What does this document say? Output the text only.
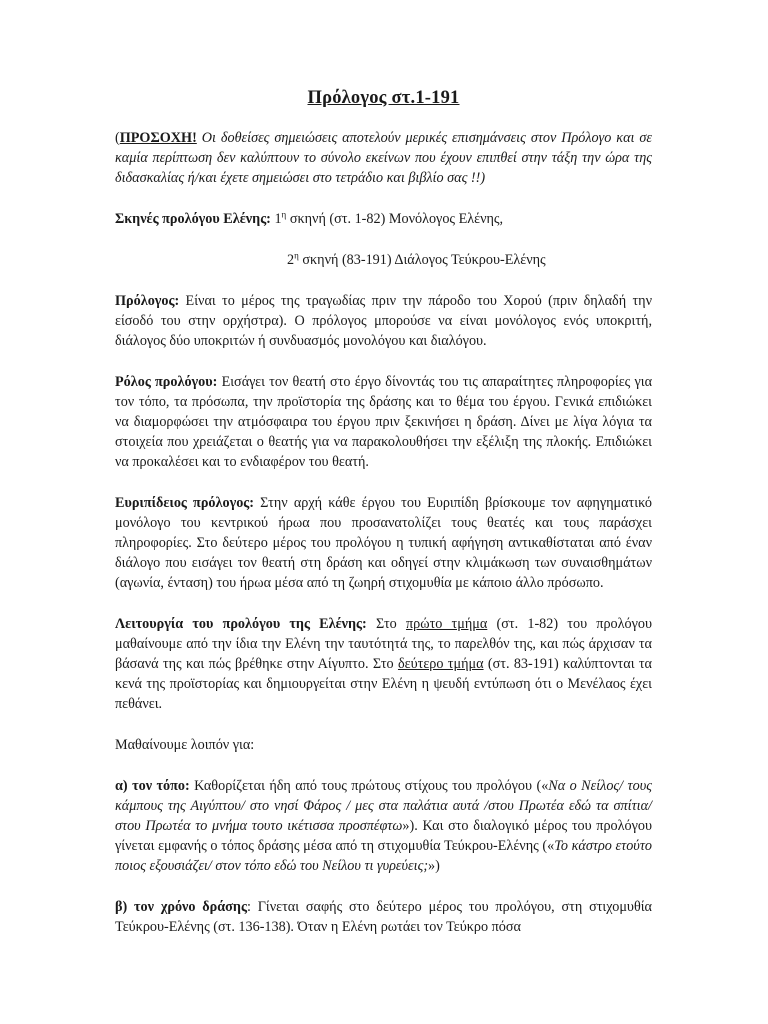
Πρόλογος στ.1-191

(ΠΡΟΣΟΧΗ! Οι δοθείσες σημειώσεις αποτελούν μερικές επισημάνσεις στον Πρόλογο και σε καμία περίπτωση δεν καλύπτουν το σύνολο εκείνων που έχουν επιπθεί στην τάξη την ώρα της διδασκαλίας ή/και έχετε σημειώσει στο τετράδιο και βιβλίο σας !!)

Σκηνές προλόγου Ελένης: $1^\eta$ σκηνή (στ. 1-82) Μονόλογος Ελένης,

$2^\eta$ σκηνή (83-191) Διάλογος Τεύκρου-Ελένης

Πρόλογος: Είναι το μέρος της τραγωδίας πριν την πάροδο του Χορού (πριν δηλαδή την είσοδό του στην ορχήστρα). Ο πρόλογος μπορούσε να είναι μονόλογος ενός υποκριτή, διάλογος δύο υποκριτών ή συνδυασμός μονολόγου και διαλόγου.

Ρόλος προλόγου: Εισάγει τον θεατή στο έργο δίνοντάς του τις απαραίτητες πληροφορίες για τον τόπο, τα πρόσωπα, την προϊστορία της δράσης και το θέμα του έργου. Γενικά επιδιώκει να διαμορφώσει την ατμόσφαιρα του έργου πριν ξεκινήσει η δράση. Δίνει με λίγα λόγια τα στοιχεία που χρειάζεται ο θεατής για να παρακολουθήσει την εξέλιξη της πλοκής. Επιδιώκει να προκαλέσει και το ενδιαφέρον του θεατή.

Ευριπίδειος πρόλογος: Στην αρχή κάθε έργου του Ευριπίδη βρίσκουμε τον αφηγηματικό μονόλογο του κεντρικού ήρωα που προσανατολίζει τους θεατές και τους παράσχει πληροφορίες. Στο δεύτερο μέρος του προλόγου η τυπική αφήγηση αντικαθίσταται από έναν διάλογο που εισάγει τον θεατή στη δράση και οδηγεί στην κλιμάκωση των συναισθημάτων (αγωνία, ένταση) του ήρωα μέσα από τη ζωηρή στιχομυθία με κάποιο άλλο πρόσωπο.

Λειτουργία του προλόγου της Ελένης: Στο πρώτο τμήμα (στ. 1-82) του προλόγου μαθαίνουμε από την ίδια την Ελένη την ταυτότητά της, το παρελθόν της, και πώς άρχισαν τα βάσανά της και πώς βρέθηκε στην Αίγυπτο. Στο δεύτερο τμήμα (στ. 83-191) καλύπτονται τα κενά της προϊστορίας και δημιουργείται στην Ελένη η ψευδή εντύπωση ότι ο Μενέλαος έχει πεθάνει.

Μαθαίνουμε λοιπόν για:

α) τον τόπο: Καθορίζεται ήδη από τους πρώτους στίχους του προλόγου («Να ο Νείλος/ τους κάμπους της Αιγύπτου/ στο νησί Φάρος / μες στα παλάτια αυτά /στου Πρωτέα εδώ τα σπίτια/ στου Πρωτέα το μνήμα τουτο ικέτισσα προσπέφτω»). Και στο διαλογικό μέρος του προλόγου γίνεται εμφανής ο τόπος δράσης μέσα από τη στιχομυθία Τεύκρου-Ελένης («Το κάστρο ετούτο ποιος εξουσιάζει/ στον τόπο εδώ του Νείλου τι γυρεύεις;»)

β) τον χρόνο δράσης: Γίνεται σαφής στο δεύτερο μέρος του προλόγου, στη στιχομυθία Τεύκρου-Ελένης (στ. 136-138). Όταν η Ελένη ρωτάει τον Τεύκρο πόσα
